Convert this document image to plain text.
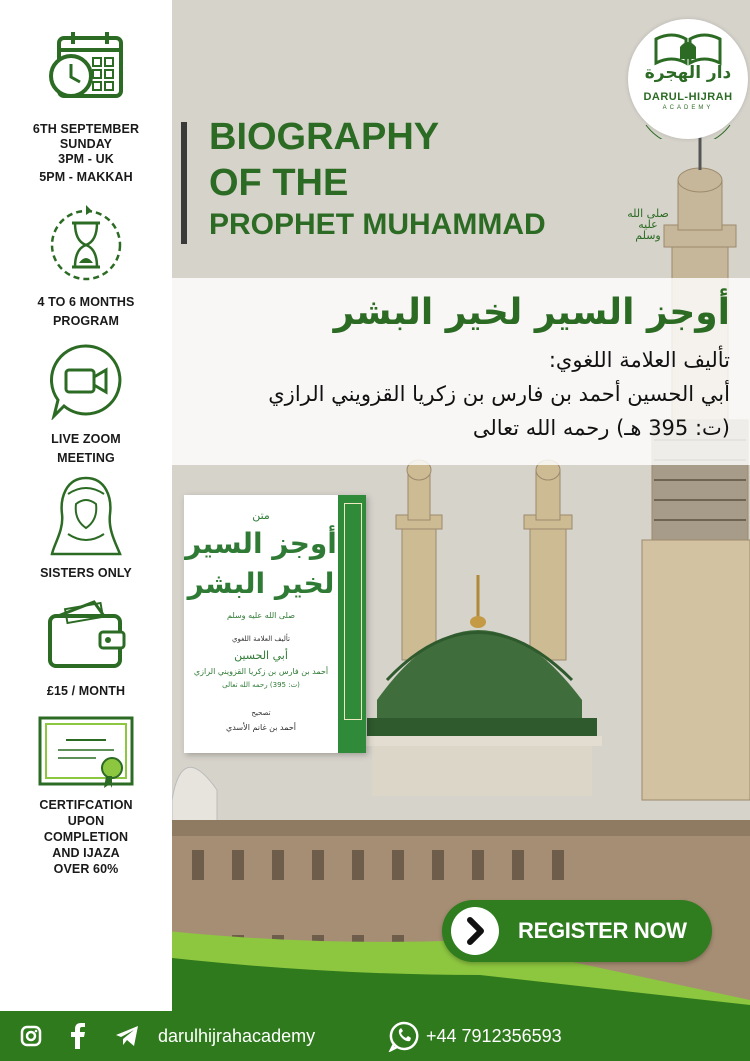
6TH SEPTEMBER
SUNDAY
3PM - UK
5PM - MAKKAH
4 TO 6 MONTHS
PROGRAM
LIVE ZOOM
MEETING
SISTERS ONLY
£15 / MONTH
CERTIFCATION
UPON
COMPLETION
AND IJAZA
OVER 60%
دار الهجرة
DARUL-HIJRAH
ACADEMY
BIOGRAPHY
OF THE
PROPHET MUHAMMAD	صلى الله عليه وسلم
أوجز السير لخير البشر
تأليف العلامة اللغوي:
أبي الحسين أحمد بن فارس بن زكريا القزويني الرازي
(ت: 395 هـ) رحمه الله تعالى
متن
أوجز السير
لخير البشر
صلى الله عليه وسلم
تأليف العلامة اللغوي
أبي الحسين
أحمد بن فارس بن زكريا القزويني الرازي
(ت: 395) رحمه الله تعالى
تصحيح
أحمد بن غانم الأسدي
REGISTER NOW
darulhijrahacademy	+44 7912356593
